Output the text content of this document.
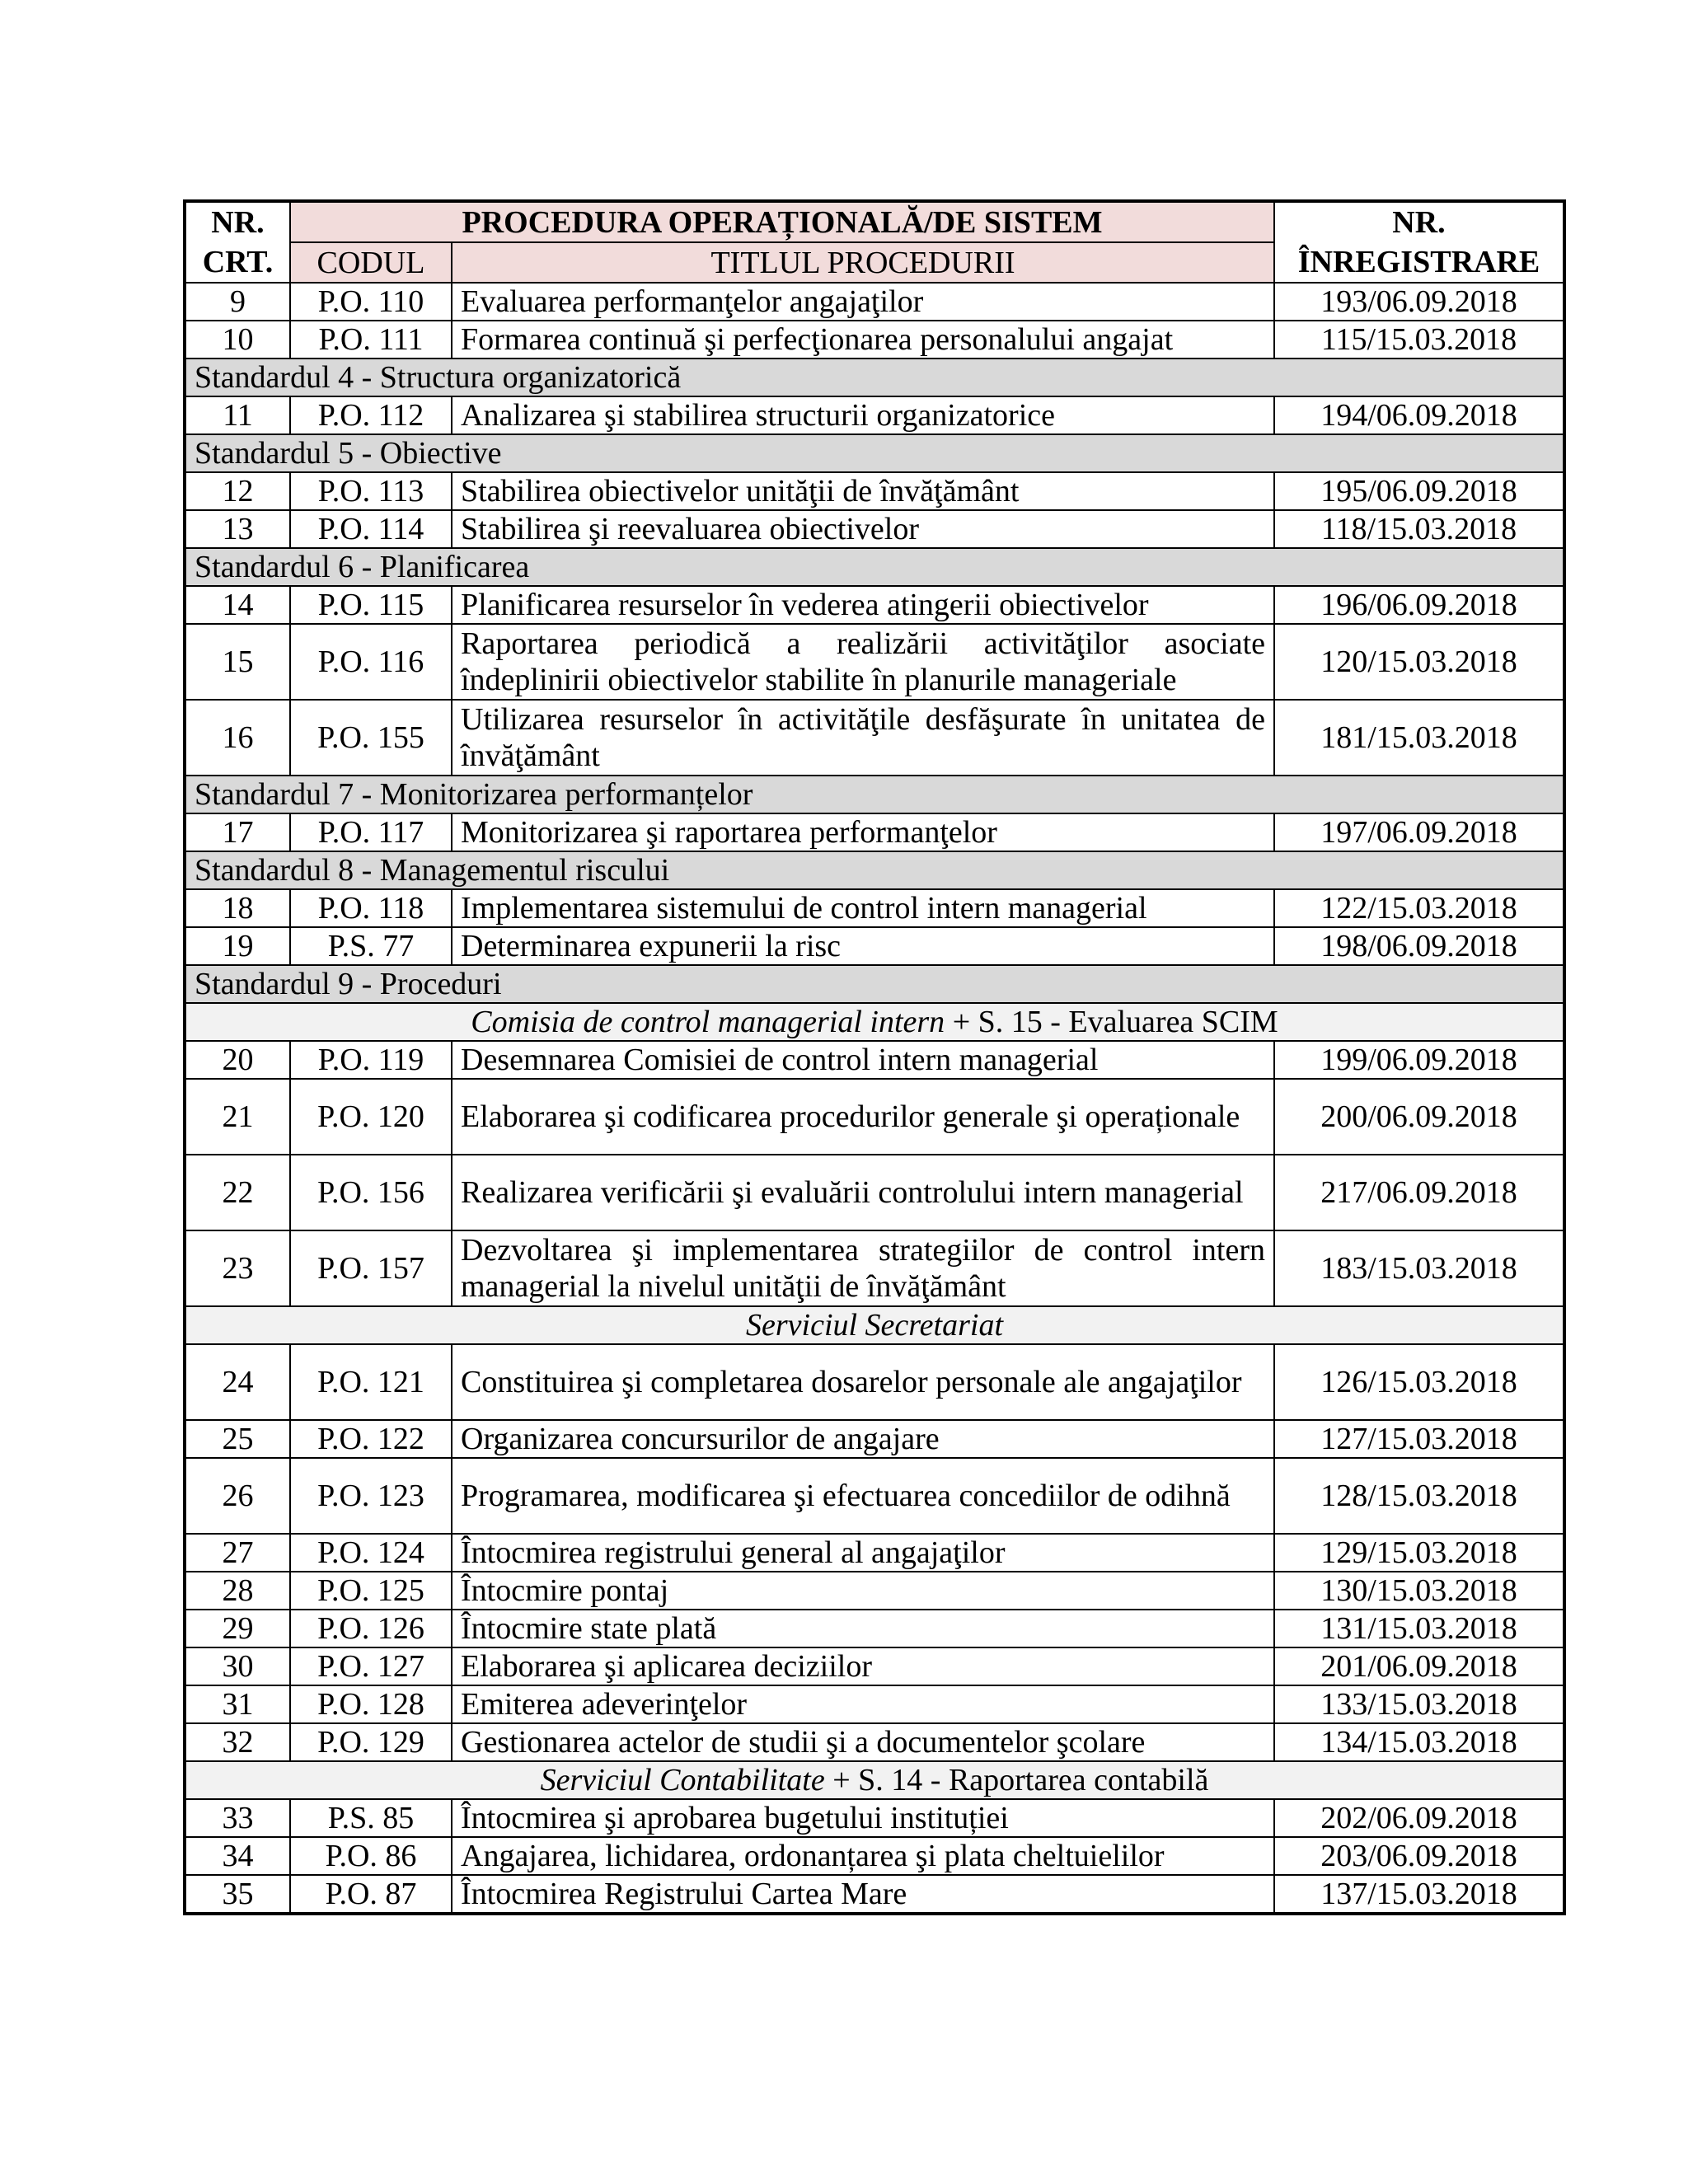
NR. CRT.	PROCEDURA OPERAȚIONALĂ/DE SISTEM		NR. ÎNREGISTRARE
	CODUL	TITLUL PROCEDURII	
9	P.O. 110	Evaluarea performanţelor angajaţilor	193/06.09.2018
10	P.O. 111	Formarea continuă şi perfecţionarea personalului angajat	115/15.03.2018
Standardul 4 - Structura organizatorică			
11	P.O. 112	Analizarea şi stabilirea structurii organizatorice	194/06.09.2018
Standardul 5 - Obiective			
12	P.O. 113	Stabilirea obiectivelor unităţii de învăţământ	195/06.09.2018
13	P.O. 114	Stabilirea şi reevaluarea obiectivelor	118/15.03.2018
Standardul 6 - Planificarea			
14	P.O. 115	Planificarea resurselor în vederea atingerii obiectivelor	196/06.09.2018
15	P.O. 116	Raportarea periodică a realizării activităţilor asociate îndeplinirii obiectivelor stabilite în planurile manageriale	120/15.03.2018
16	P.O. 155	Utilizarea resurselor în activităţile desfăşurate în unitatea de învăţământ	181/15.03.2018
Standardul 7 - Monitorizarea performanțelor			
17	P.O. 117	Monitorizarea şi raportarea performanţelor	197/06.09.2018
Standardul 8 - Managementul riscului			
18	P.O. 118	Implementarea sistemului de control intern managerial	122/15.03.2018
19	P.S. 77	Determinarea expunerii la risc	198/06.09.2018
Standardul 9 - Proceduri			
Comisia de control managerial intern + S. 15 - Evaluarea SCIM			
20	P.O. 119	Desemnarea Comisiei de control intern managerial	199/06.09.2018
21	P.O. 120	Elaborarea şi codificarea procedurilor generale şi operaționale	200/06.09.2018
22	P.O. 156	Realizarea verificării şi evaluării controlului intern managerial	217/06.09.2018
23	P.O. 157	Dezvoltarea şi implementarea strategiilor de control intern managerial la nivelul unităţii de învăţământ	183/15.03.2018
Serviciul Secretariat			
24	P.O. 121	Constituirea şi completarea dosarelor personale ale angajaţilor	126/15.03.2018
25	P.O. 122	Organizarea concursurilor de angajare	127/15.03.2018
26	P.O. 123	Programarea, modificarea şi efectuarea concediilor de odihnă	128/15.03.2018
27	P.O. 124	Întocmirea registrului general al angajaţilor	129/15.03.2018
28	P.O. 125	Întocmire pontaj	130/15.03.2018
29	P.O. 126	Întocmire state plată	131/15.03.2018
30	P.O. 127	Elaborarea şi aplicarea deciziilor	201/06.09.2018
31	P.O. 128	Emiterea adeverinţelor	133/15.03.2018
32	P.O. 129	Gestionarea actelor de studii şi a documentelor şcolare	134/15.03.2018
Serviciul Contabilitate + S. 14 - Raportarea contabilă			
33	P.S. 85	Întocmirea şi aprobarea bugetului instituției	202/06.09.2018
34	P.O. 86	Angajarea, lichidarea, ordonanțarea şi plata cheltuielilor	203/06.09.2018
35	P.O. 87	Întocmirea Registrului Cartea Mare	137/15.03.2018
